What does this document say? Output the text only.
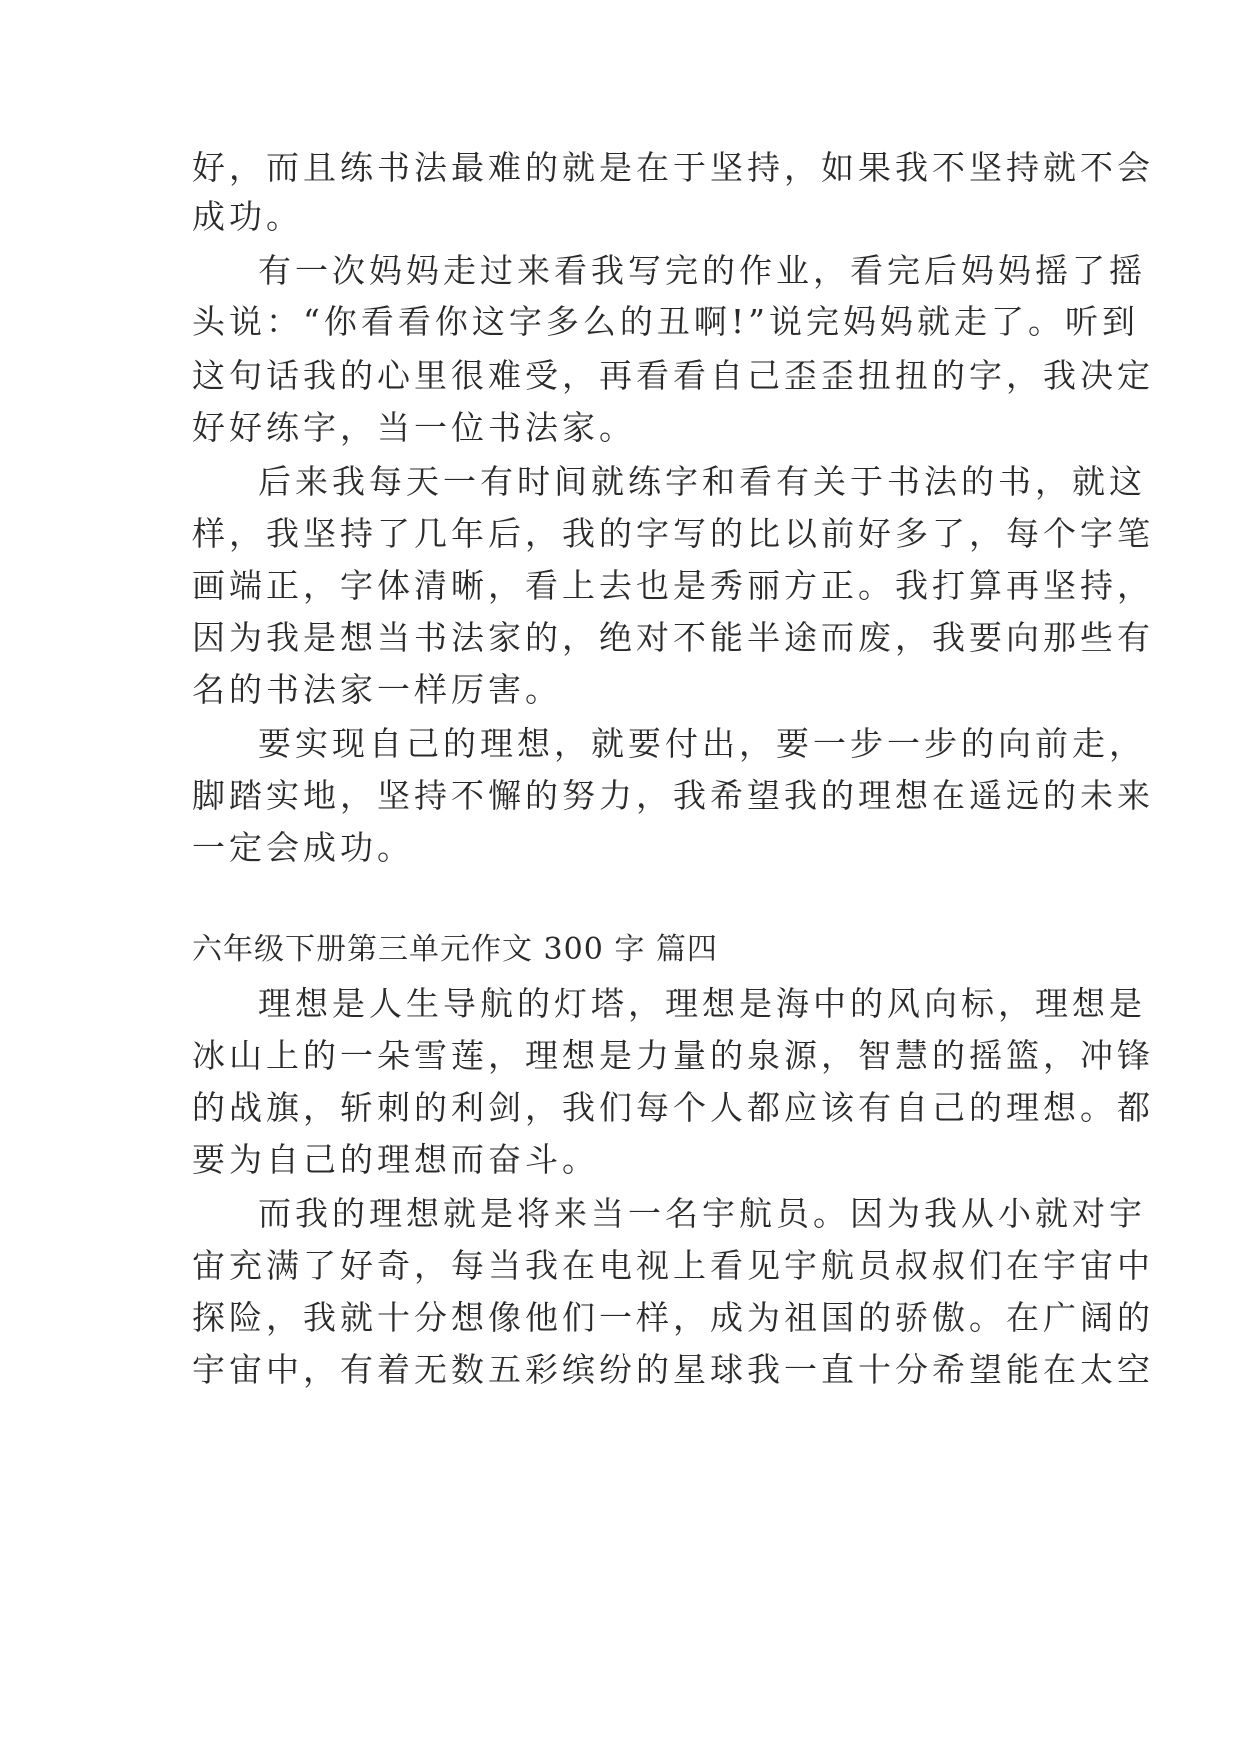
好，而且练书法最难的就是在于坚持，如果我不坚持就不会
成功。
有一次妈妈走过来看我写完的作业，看完后妈妈摇了摇
头说：“你看看你这字多么的丑啊!”说完妈妈就走了。听到
这句话我的心里很难受，再看看自己歪歪扭扭的字，我决定
好好练字，当一位书法家。
后来我每天一有时间就练字和看有关于书法的书，就这
样，我坚持了几年后，我的字写的比以前好多了，每个字笔
画端正，字体清晰，看上去也是秀丽方正。我打算再坚持，
因为我是想当书法家的，绝对不能半途而废，我要向那些有
名的书法家一样厉害。
要实现自己的理想，就要付出，要一步一步的向前走，
脚踏实地，坚持不懈的努力，我希望我的理想在遥远的未来
一定会成功。
六年级下册第三单元作文 300 字 篇四
理想是人生导航的灯塔，理想是海中的风向标，理想是
冰山上的一朵雪莲，理想是力量的泉源，智慧的摇篮，冲锋
的战旗，斩刺的利剑，我们每个人都应该有自己的理想。都
要为自己的理想而奋斗。
而我的理想就是将来当一名宇航员。因为我从小就对宇
宙充满了好奇，每当我在电视上看见宇航员叔叔们在宇宙中
探险，我就十分想像他们一样，成为祖国的骄傲。在广阔的
宇宙中，有着无数五彩缤纷的星球我一直十分希望能在太空
